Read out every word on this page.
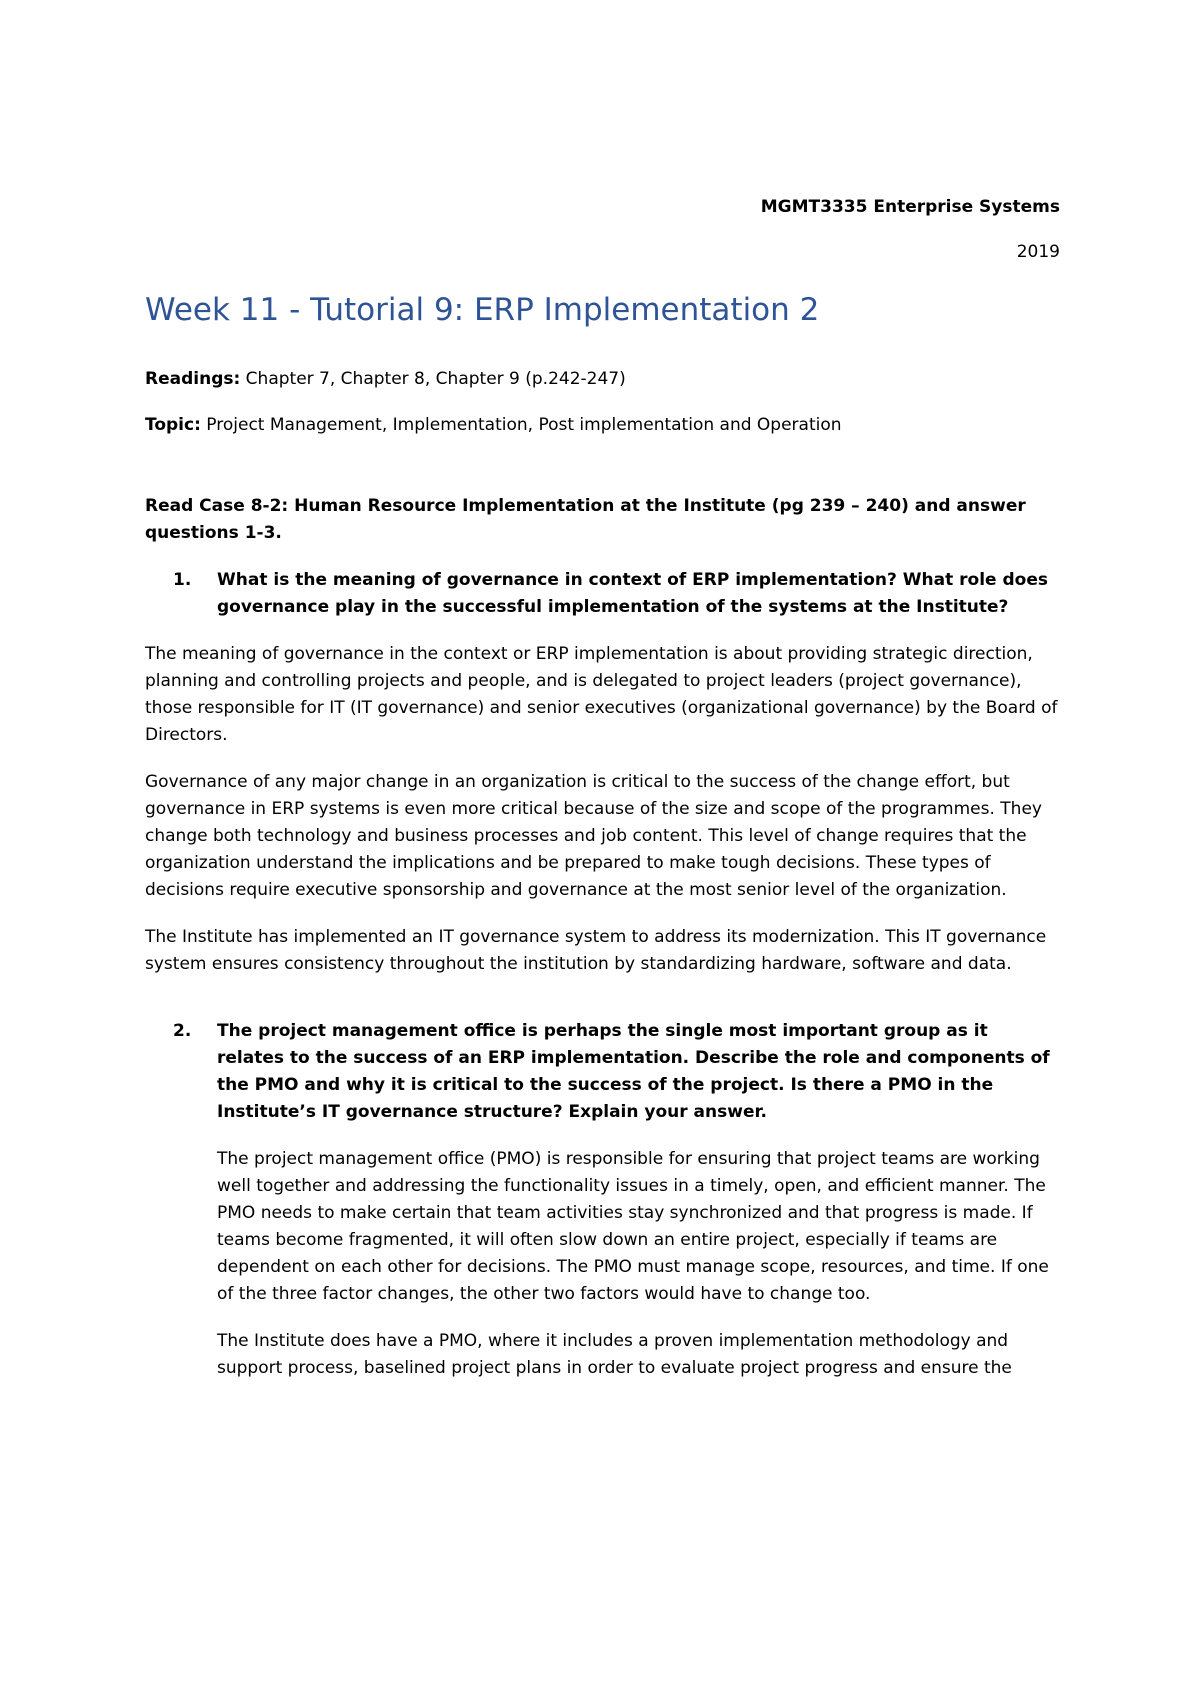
MGMT3335 Enterprise Systems

2019

Week 11 - Tutorial 9: ERP Implementation 2

Readings: Chapter 7, Chapter 8, Chapter 9 (p.242-247)

Topic: Project Management, Implementation, Post implementation and Operation

Read Case 8-2: Human Resource Implementation at the Institute (pg 239 – 240) and answer questions 1-3.

1. What is the meaning of governance in context of ERP implementation? What role does governance play in the successful implementation of the systems at the Institute?

The meaning of governance in the context or ERP implementation is about providing strategic direction, planning and controlling projects and people, and is delegated to project leaders (project governance), those responsible for IT (IT governance) and senior executives (organizational governance) by the Board of Directors.

Governance of any major change in an organization is critical to the success of the change effort, but governance in ERP systems is even more critical because of the size and scope of the programmes. They change both technology and business processes and job content. This level of change requires that the organization understand the implications and be prepared to make tough decisions. These types of decisions require executive sponsorship and governance at the most senior level of the organization.

The Institute has implemented an IT governance system to address its modernization. This IT governance system ensures consistency throughout the institution by standardizing hardware, software and data.

2. The project management office is perhaps the single most important group as it relates to the success of an ERP implementation. Describe the role and components of the PMO and why it is critical to the success of the project. Is there a PMO in the Institute’s IT governance structure? Explain your answer.

The project management office (PMO) is responsible for ensuring that project teams are working well together and addressing the functionality issues in a timely, open, and efficient manner. The PMO needs to make certain that team activities stay synchronized and that progress is made. If teams become fragmented, it will often slow down an entire project, especially if teams are dependent on each other for decisions. The PMO must manage scope, resources, and time. If one of the three factor changes, the other two factors would have to change too.

The Institute does have a PMO, where it includes a proven implementation methodology and support process, baselined project plans in order to evaluate project progress and ensure the
